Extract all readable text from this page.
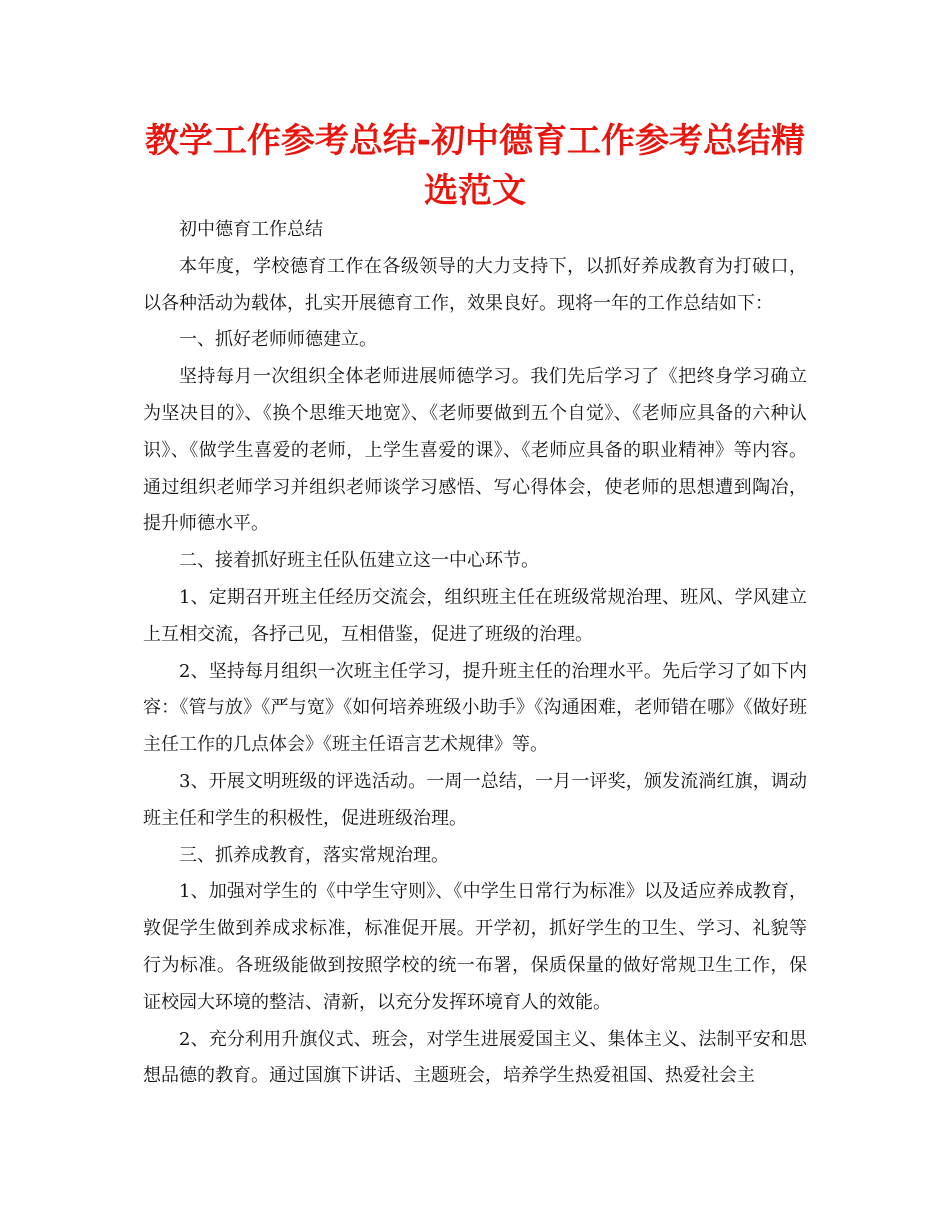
教学工作参考总结-初中德育工作参考总结精选范文

初中德育工作总结

本年度，学校德育工作在各级领导的大力支持下，以抓好养成教育为打破口，以各种活动为载体，扎实开展德育工作，效果良好。现将一年的工作总结如下：

一、抓好老师师德建立。

坚持每月一次组织全体老师进展师德学习。我们先后学习了《把终身学习确立为坚决目的》、《换个思维天地宽》、《老师要做到五个自觉》、《老师应具备的六种认识》、《做学生喜爱的老师，上学生喜爱的课》、《老师应具备的职业精神》等内容。通过组织老师学习并组织老师谈学习感悟、写心得体会，使老师的思想遭到陶冶，提升师德水平。

二、接着抓好班主任队伍建立这一中心环节。

1、定期召开班主任经历交流会，组织班主任在班级常规治理、班风、学风建立上互相交流，各抒己见，互相借鉴，促进了班级的治理。

2、坚持每月组织一次班主任学习，提升班主任的治理水平。先后学习了如下内容：《管与放》《严与宽》《如何培养班级小助手》《沟通困难，老师错在哪》《做好班主任工作的几点体会》《班主任语言艺术规律》等。

3、开展文明班级的评选活动。一周一总结，一月一评奖，颁发流淌红旗，调动班主任和学生的积极性，促进班级治理。

三、抓养成教育，落实常规治理。

1、加强对学生的《中学生守则》、《中学生日常行为标准》以及适应养成教育，敦促学生做到养成求标准，标准促开展。开学初，抓好学生的卫生、学习、礼貌等行为标准。各班级能做到按照学校的统一布署，保质保量的做好常规卫生工作，保证校园大环境的整洁、清新，以充分发挥环境育人的效能。

2、充分利用升旗仪式、班会，对学生进展爱国主义、集体主义、法制平安和思想品德的教育。通过国旗下讲话、主题班会，培养学生热爱祖国、热爱社会主
